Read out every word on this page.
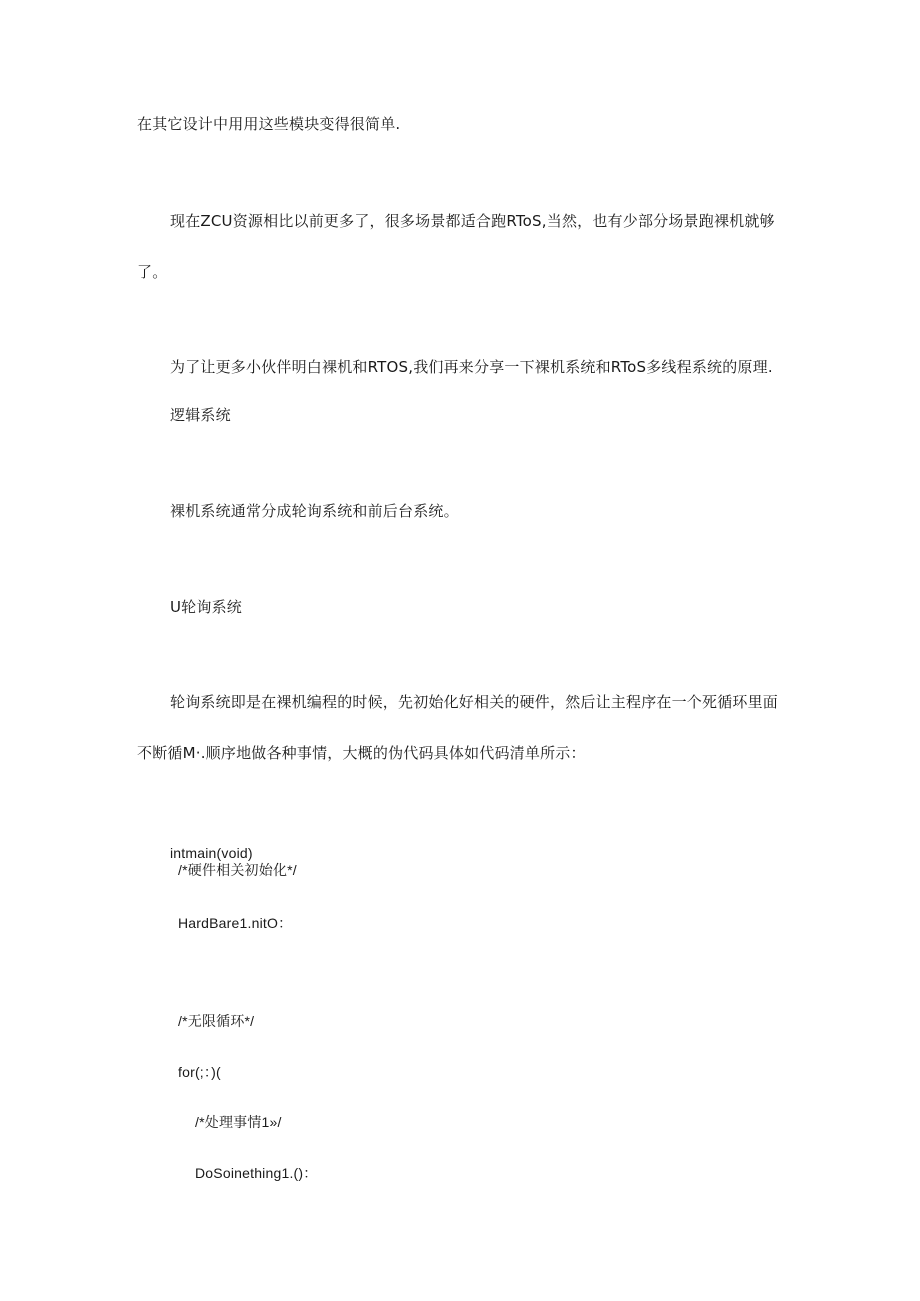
在其它设计中用用这些模块变得很简单.
现在ZCU资源相比以前更多了，很多场景都适合跑RToS,当然，也有少部分场景跑裸机就够
了。
为了让更多小伙伴明白裸机和RTOS,我们再来分享一下裸机系统和RToS多线程系统的原理.
逻辑系统
裸机系统通常分成轮询系统和前后台系统。
U轮询系统
轮询系统即是在裸机编程的时候，先初始化好相关的硬件，然后让主程序在一个死循环里面
不断循M·.顺序地做各种事情，大概的伪代码具体如代码清单所示：
intmain(void)
/*硬件相关初始化*/
HardBare1.nitO：
/*无限循环*/
for(;：)(
/*处理事情1»/
DoSoinething1.()：
